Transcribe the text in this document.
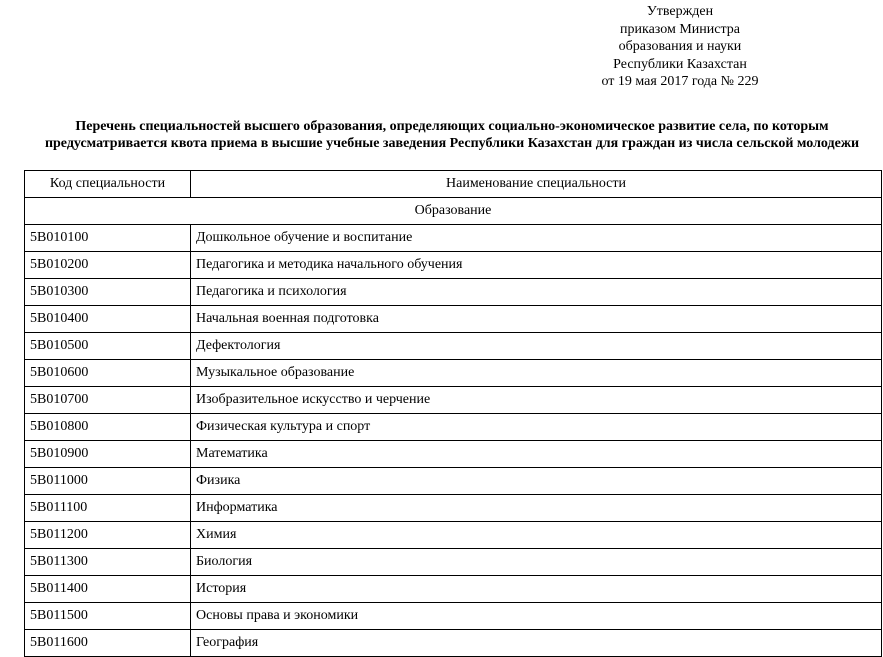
Утвержден
приказом Министра
образования и науки
Республики Казахстан
от 19 мая 2017 года № 229
Перечень специальностей высшего образования, определяющих социально-экономическое развитие села, по которым предусматривается квота приема в высшие учебные заведения Республики Казахстан для граждан из числа сельской молодежи
Код специальности	Наименование специальности
Образование	
5В010100	Дошкольное обучение и воспитание
5В010200	Педагогика и методика начального обучения
5В010300	Педагогика и психология
5В010400	Начальная военная подготовка
5В010500	Дефектология
5В010600	Музыкальное образование
5В010700	Изобразительное искусство и черчение
5В010800	Физическая культура и спорт
5В010900	Математика
5В011000	Физика
5В011100	Информатика
5В011200	Химия
5В011300	Биология
5В011400	История
5В011500	Основы права и экономики
5В011600	География
